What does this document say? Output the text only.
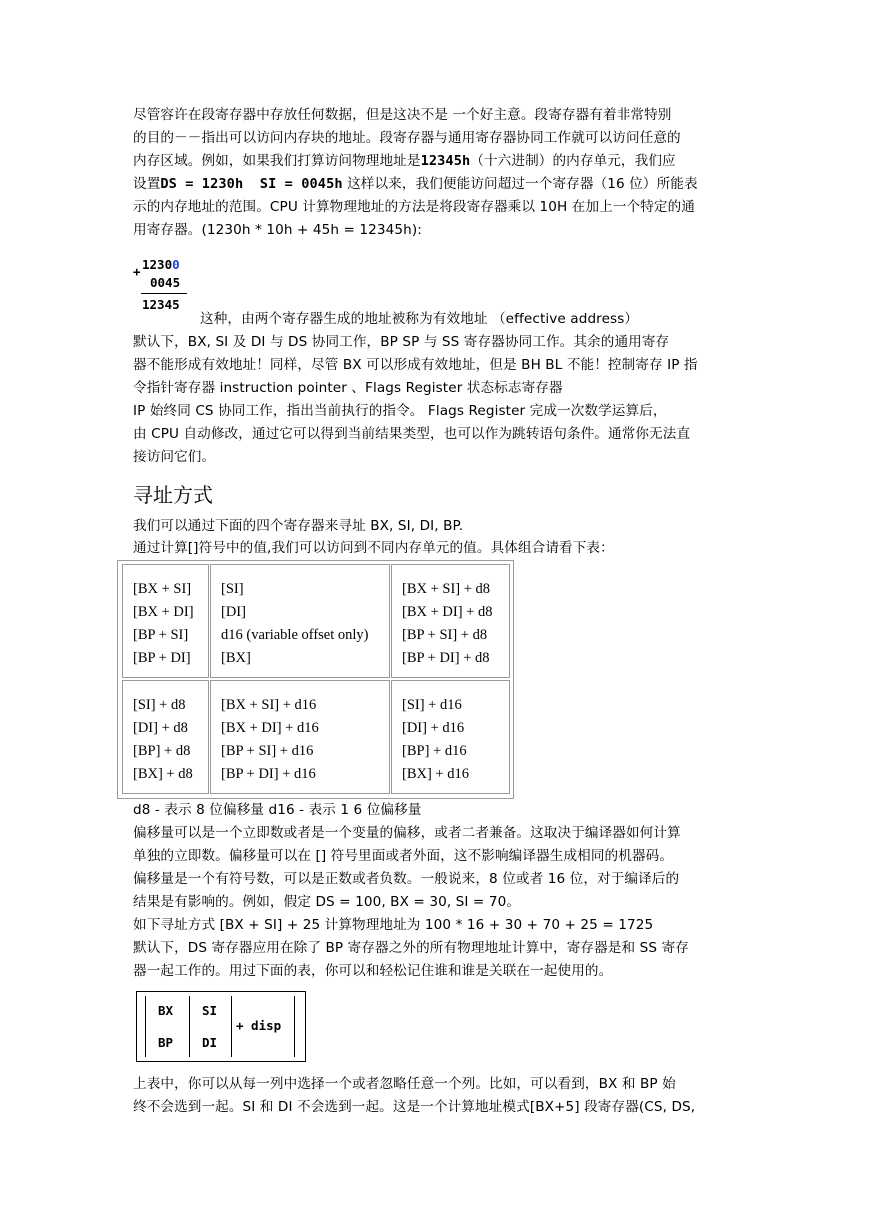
尽管容许在段寄存器中存放任何数据，但是这决不是 一个好主意。段寄存器有着非常特别
的目的－－指出可以访问内存块的地址。段寄存器与通用寄存器协同工作就可以访问任意的
内存区域。例如，如果我们打算访问物理地址是12345h（十六进制）的内存单元，我们应
设置DS = 1230h  SI = 0045h 这样以来，我们便能访问超过一个寄存器（16 位）所能表
示的内存地址的范围。CPU 计算物理地址的方法是将段寄存器乘以 10H 在加上一个特定的通
用寄存器。(1230h * 10h + 45h = 12345h):
+ 12300
0045
12345
这种，由两个寄存器生成的地址被称为有效地址 （effective address）
默认下，BX, SI 及 DI 与 DS 协同工作，BP SP 与 SS 寄存器协同工作。其余的通用寄存
器不能形成有效地址！同样，尽管 BX 可以形成有效地址，但是 BH BL 不能！控制寄存 IP 指
令指针寄存器 instruction pointer 、Flags Register 状态标志寄存器
IP 始终同 CS 协同工作，指出当前执行的指令。 Flags Register 完成一次数学运算后，
由 CPU 自动修改，通过它可以得到当前结果类型，也可以作为跳转语句条件。通常你无法直
接访问它们。
寻址方式
我们可以通过下面的四个寄存器来寻址 BX, SI, DI, BP.
通过计算[]符号中的值,我们可以访问到不同内存单元的值。具体组合请看下表：
[BX + SI]
[BX + DI]
[BP + SI]
[BP + DI]
[SI]
[DI]
d16 (variable offset only)
[BX]
[BX + SI] + d8
[BX + DI] + d8
[BP + SI] + d8
[BP + DI] + d8
[SI] + d8
[DI] + d8
[BP] + d8
[BX] + d8
[BX + SI] + d16
[BX + DI] + d16
[BP + SI] + d16
[BP + DI] + d16
[SI] + d16
[DI] + d16
[BP] + d16
[BX] + d16
d8 - 表示 8 位偏移量 d16 - 表示 1 6 位偏移量
偏移量可以是一个立即数或者是一个变量的偏移，或者二者兼备。这取决于编译器如何计算
单独的立即数。偏移量可以在 [] 符号里面或者外面，这不影响编译器生成相同的机器码。
偏移量是一个有符号数，可以是正数或者负数。一般说来，8 位或者 16 位，对于编译后的
结果是有影响的。例如，假定 DS = 100, BX = 30, SI = 70。
如下寻址方式 [BX + SI] + 25 计算物理地址为 100 * 16 + 30 + 70 + 25 = 1725
默认下，DS 寄存器应用在除了 BP 寄存器之外的所有物理地址计算中，寄存器是和 SS 寄存
器一起工作的。用过下面的表，你可以和轻松记住谁和谁是关联在一起使用的。
BX
BP
SI
DI
+ disp
上表中，你可以从每一列中选择一个或者忽略任意一个列。比如，可以看到，BX 和 BP 始
终不会选到一起。SI 和 DI 不会选到一起。这是一个计算地址模式[BX+5] 段寄存器(CS, DS,
